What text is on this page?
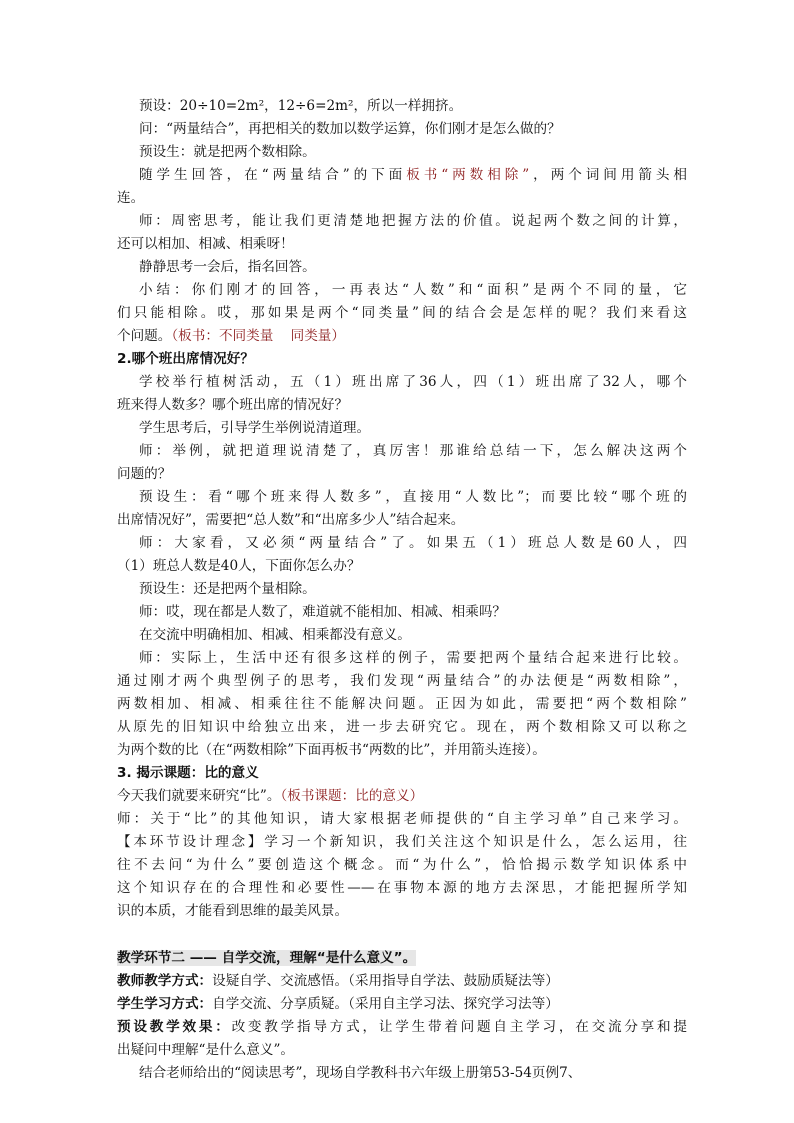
预设：20÷10=2m²，12÷6=2m²，所以一样拥挤。
问：“两量结合”，再把相关的数加以数学运算，你们刚才是怎么做的？
预设生：就是把两个数相除。
随学生回答，在“两量结合”的下面板书“两数相除”，两个词间用箭头相
连。
师：周密思考，能让我们更清楚地把握方法的价值。说起两个数之间的计算，
还可以相加、相减、相乘呀！
静静思考一会后，指名回答。
小结：你们刚才的回答，一再表达“人数”和“面积”是两个不同的量，它
们只能相除。哎，那如果是两个“同类量”间的结合会是怎样的呢？我们来看这
个问题。（板书：不同类量    同类量）
2.哪个班出席情况好？
学校举行植树活动，五（1）班出席了36人，四（1）班出席了32人，哪个
班来得人数多？哪个班出席的情况好？
学生思考后，引导学生举例说清道理。
师：举例，就把道理说清楚了，真厉害！那谁给总结一下，怎么解决这两个
问题的？
预设生：看“哪个班来得人数多”，直接用“人数比”；而要比较“哪个班的
出席情况好”，需要把“总人数”和“出席多少人”结合起来。
师：大家看，又必须“两量结合”了。如果五（1）班总人数是60人，四
（1）班总人数是40人，下面你怎么办？
预设生：还是把两个量相除。
师：哎，现在都是人数了，难道就不能相加、相减、相乘吗？
在交流中明确相加、相减、相乘都没有意义。
师：实际上，生活中还有很多这样的例子，需要把两个量结合起来进行比较。
通过刚才两个典型例子的思考，我们发现“两量结合”的办法便是“两数相除”，
两数相加、相减、相乘往往不能解决问题。正因为如此，需要把“两个数相除”
从原先的旧知识中给独立出来，进一步去研究它。现在，两个数相除又可以称之
为两个数的比（在“两数相除”下面再板书“两数的比”，并用箭头连接）。
3. 揭示课题：比的意义
今天我们就要来研究“比”。（板书课题：比的意义）
师：关于“比”的其他知识，请大家根据老师提供的“自主学习单”自己来学习。
【本环节设计理念】学习一个新知识，我们关注这个知识是什么，怎么运用，往
往不去问“为什么”要创造这个概念。而“为什么”，恰恰揭示数学知识体系中
这个知识存在的合理性和必要性——在事物本源的地方去深思，才能把握所学知
识的本质，才能看到思维的最美风景。
教学环节二 —— 自学交流，理解“是什么意义”。
教师教学方式：设疑自学、交流感悟。（采用指导自学法、鼓励质疑法等）
学生学习方式：自学交流、分享质疑。（采用自主学习法、探究学习法等）
预设教学效果：改变教学指导方式，让学生带着问题自主学习，在交流分享和提
出疑问中理解“是什么意义”。
结合老师给出的“阅读思考”，现场自学教科书六年级上册第53-54页例7、
